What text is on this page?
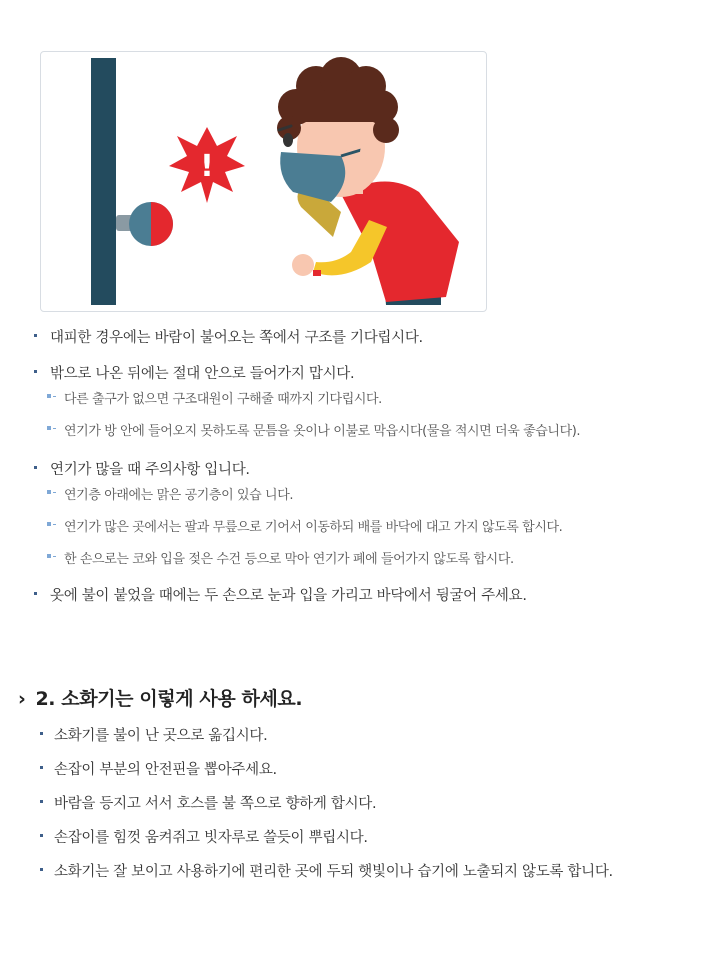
!
대피한 경우에는 바람이 불어오는 쪽에서 구조를 기다립시다.
밖으로 나온 뒤에는 절대 안으로 들어가지 맙시다.
다른 출구가 없으면 구조대원이 구해줄 때까지 기다립시다.
연기가 방 안에 들어오지 못하도록 문틈을 옷이나 이불로 막읍시다(물을 적시면 더욱 좋습니다).
연기가 많을 때 주의사항 입니다.
연기층 아래에는 맑은 공기층이 있습 니다.
연기가 많은 곳에서는 팔과 무릎으로 기어서 이동하되 배를 바닥에 대고 가지 않도록 합시다.
한 손으로는 코와 입을 젖은 수건 등으로 막아 연기가 폐에 들어가지 않도록 합시다.
옷에 불이 붙었을 때에는 두 손으로 눈과 입을 가리고 바닥에서 뒹굴어 주세요.
› 2. 소화기는 이렇게 사용 하세요.
소화기를 불이 난 곳으로 옮깁시다.
손잡이 부분의 안전핀을 뽑아주세요.
바람을 등지고 서서 호스를 불 쪽으로 향하게 합시다.
손잡이를 힘껏 움켜쥐고 빗자루로 쓸듯이 뿌립시다.
소화기는 잘 보이고 사용하기에 편리한 곳에 두되 햇빛이나 습기에 노출되지 않도록 합니다.
